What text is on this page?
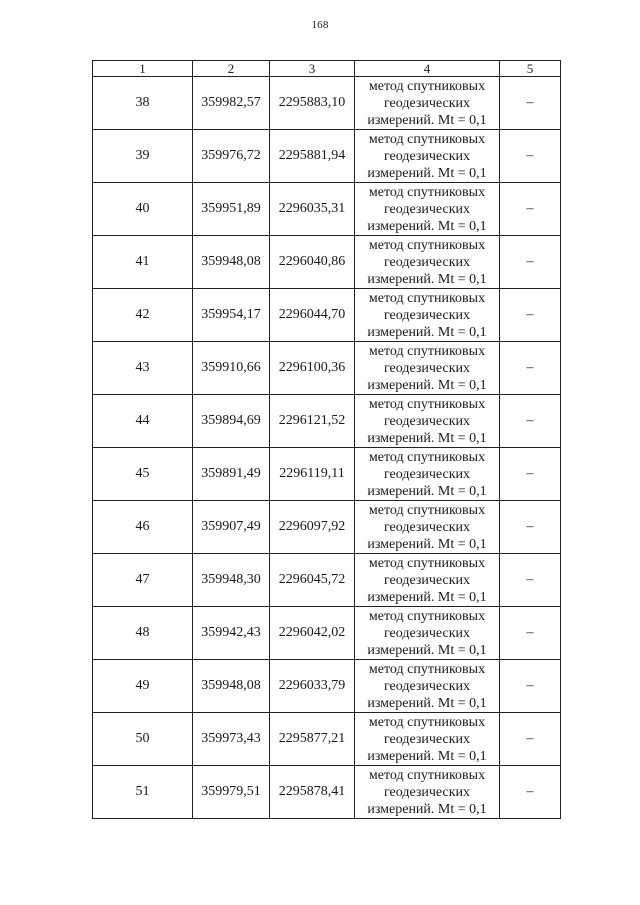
168
1	2	3	4	5
38	359982,57	2295883,10	метод спутниковых
геодезических
измерений. Mt = 0,1	–
39	359976,72	2295881,94	метод спутниковых
геодезических
измерений. Mt = 0,1	–
40	359951,89	2296035,31	метод спутниковых
геодезических
измерений. Mt = 0,1	–
41	359948,08	2296040,86	метод спутниковых
геодезических
измерений. Mt = 0,1	–
42	359954,17	2296044,70	метод спутниковых
геодезических
измерений. Mt = 0,1	–
43	359910,66	2296100,36	метод спутниковых
геодезических
измерений. Mt = 0,1	–
44	359894,69	2296121,52	метод спутниковых
геодезических
измерений. Mt = 0,1	–
45	359891,49	2296119,11	метод спутниковых
геодезических
измерений. Mt = 0,1	–
46	359907,49	2296097,92	метод спутниковых
геодезических
измерений. Mt = 0,1	–
47	359948,30	2296045,72	метод спутниковых
геодезических
измерений. Mt = 0,1	–
48	359942,43	2296042,02	метод спутниковых
геодезических
измерений. Mt = 0,1	–
49	359948,08	2296033,79	метод спутниковых
геодезических
измерений. Mt = 0,1	–
50	359973,43	2295877,21	метод спутниковых
геодезических
измерений. Mt = 0,1	–
51	359979,51	2295878,41	метод спутниковых
геодезических
измерений. Mt = 0,1	–
